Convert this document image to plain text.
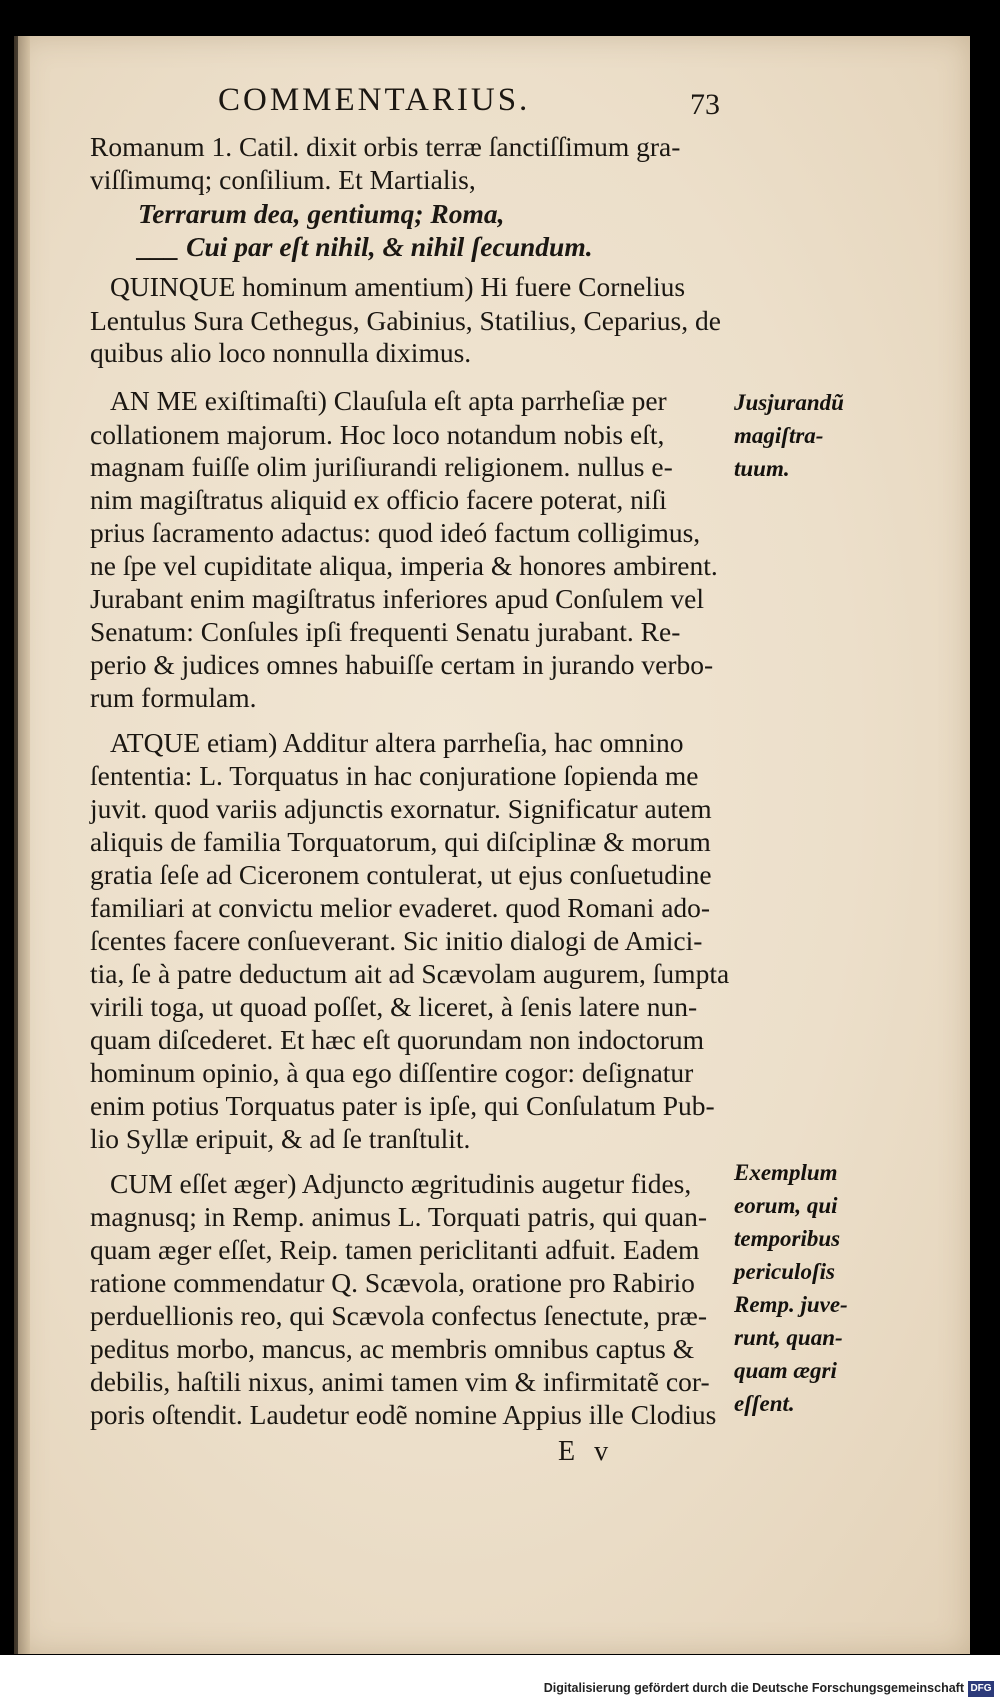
COMMENTARIUS.	73

Romanum 1. Catil. dixit orbis terræ ſanctiſſimum gra-

viſſimumq; conſilium. Et Martialis,

Terrarum dea, gentiumq; Roma,

___ Cui par eſt nihil, & nihil ſecundum.

QUINQUE hominum amentium) Hi fuere Cornelius

Lentulus Sura Cethegus, Gabinius, Statilius, Ceparius, de

quibus alio loco nonnulla diximus.

AN ME exiſtimaſti) Clauſula eſt apta parrheſiæ per

collationem majorum. Hoc loco notandum nobis eſt,

magnam fuiſſe olim juriſiurandi religionem. nullus e-

nim magiſtratus aliquid ex officio facere poterat, niſi

prius ſacramento adactus: quod ideó factum colligimus,

ne ſpe vel cupiditate aliqua, imperia & honores ambirent.

Jurabant enim magiſtratus inferiores apud Conſulem vel

Senatum: Conſules ipſi frequenti Senatu jurabant. Re-

perio & judices omnes habuiſſe certam in jurando verbo-

rum formulam.

ATQUE etiam) Additur altera parrheſia, hac omnino

ſententia: L. Torquatus in hac conjuratione ſopienda me

juvit. quod variis adjunctis exornatur. Significatur autem

aliquis de familia Torquatorum, qui diſciplinæ & morum

gratia ſeſe ad Ciceronem contulerat, ut ejus conſuetudine

familiari at convictu melior evaderet. quod Romani ado-

ſcentes facere conſueverant. Sic initio dialogi de Amici-

tia, ſe à patre deductum ait ad Scævolam augurem, ſumpta

virili toga, ut quoad poſſet, & liceret, à ſenis latere nun-

quam diſcederet. Et hæc eſt quorundam non indoctorum

hominum opinio, à qua ego diſſentire cogor: deſignatur

enim potius Torquatus pater is ipſe, qui Conſulatum Pub-

lio Syllæ eripuit, & ad ſe tranſtulit.

CUM eſſet æger) Adjuncto ægritudinis augetur fides,

magnusq; in Remp. animus L. Torquati patris, qui quan-

quam æger eſſet, Reip. tamen periclitanti adfuit. Eadem

ratione commendatur Q. Scævola, oratione pro Rabirio

perduellionis reo, qui Scævola confectus ſenectute, præ-

peditus morbo, mancus, ac membris omnibus captus &

debilis, haſtili nixus, animi tamen vim & infirmitatẽ cor-

poris oſtendit. Laudetur eodẽ nomine Appius ille Clodius

Jusjurandũ
magiſtra-
tuum.
Exemplum
eorum, qui
temporibus
periculoſis
Remp. juve-
runt, quan-
quam ægri
eſſent.
E v
Digitalisierung gefördert durch die Deutsche Forschungsgemeinschaft DFG
